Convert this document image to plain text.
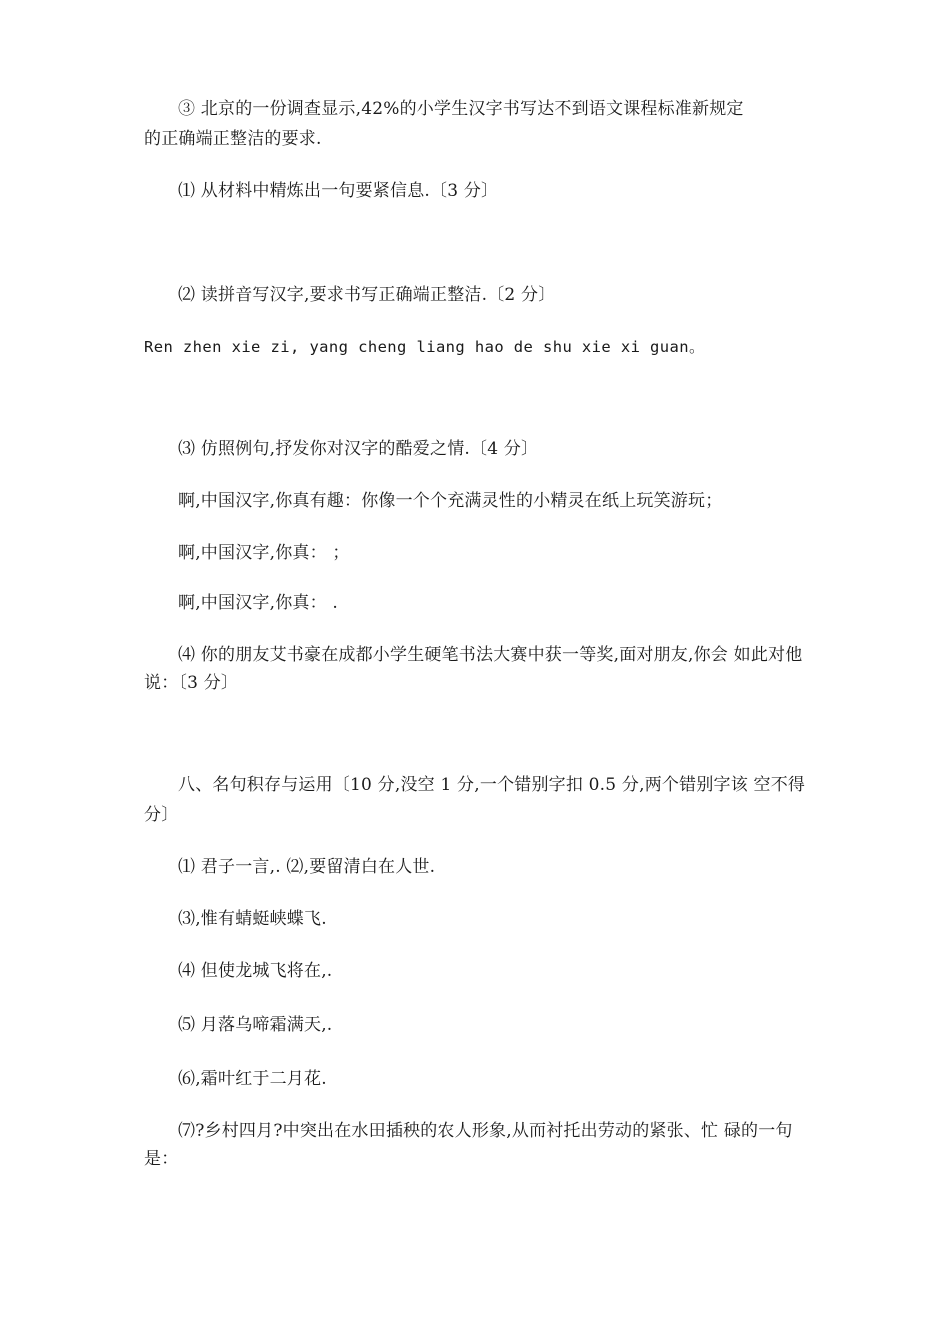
③ 北京的一份调查显示,42%的小学生汉字书写达不到语文课程标准新规定
的正确端正整洁的要求.
⑴ 从材料中精炼出一句要紧信息.〔3 分〕
⑵ 读拼音写汉字,要求书写正确端正整洁.〔2 分〕
Ren zhen xie zi, yang cheng liang hao de shu xie xi guan。
⑶ 仿照例句,抒发你对汉字的酷爱之情.〔4 分〕
啊,中国汉字,你真有趣：你像一个个充满灵性的小精灵在纸上玩笑游玩；
啊,中国汉字,你真： ；
啊,中国汉字,你真： .
⑷ 你的朋友艾书豪在成都小学生硬笔书法大赛中获一等奖,面对朋友,你会 如此对他
说：〔3 分〕
八、名句积存与运用〔10 分,没空 1 分,一个错别字扣 0.5 分,两个错别字该 空不得
分〕
⑴ 君子一言,. ⑵,要留清白在人世.
⑶,惟有蜻蜓峡蝶飞.
⑷ 但使龙城飞将在,.
⑸ 月落乌啼霜满天,.
⑹,霜叶红于二月花.
⑺?乡村四月?中突出在水田插秧的农人形象,从而衬托出劳动的紧张、忙 碌的一句
是：
